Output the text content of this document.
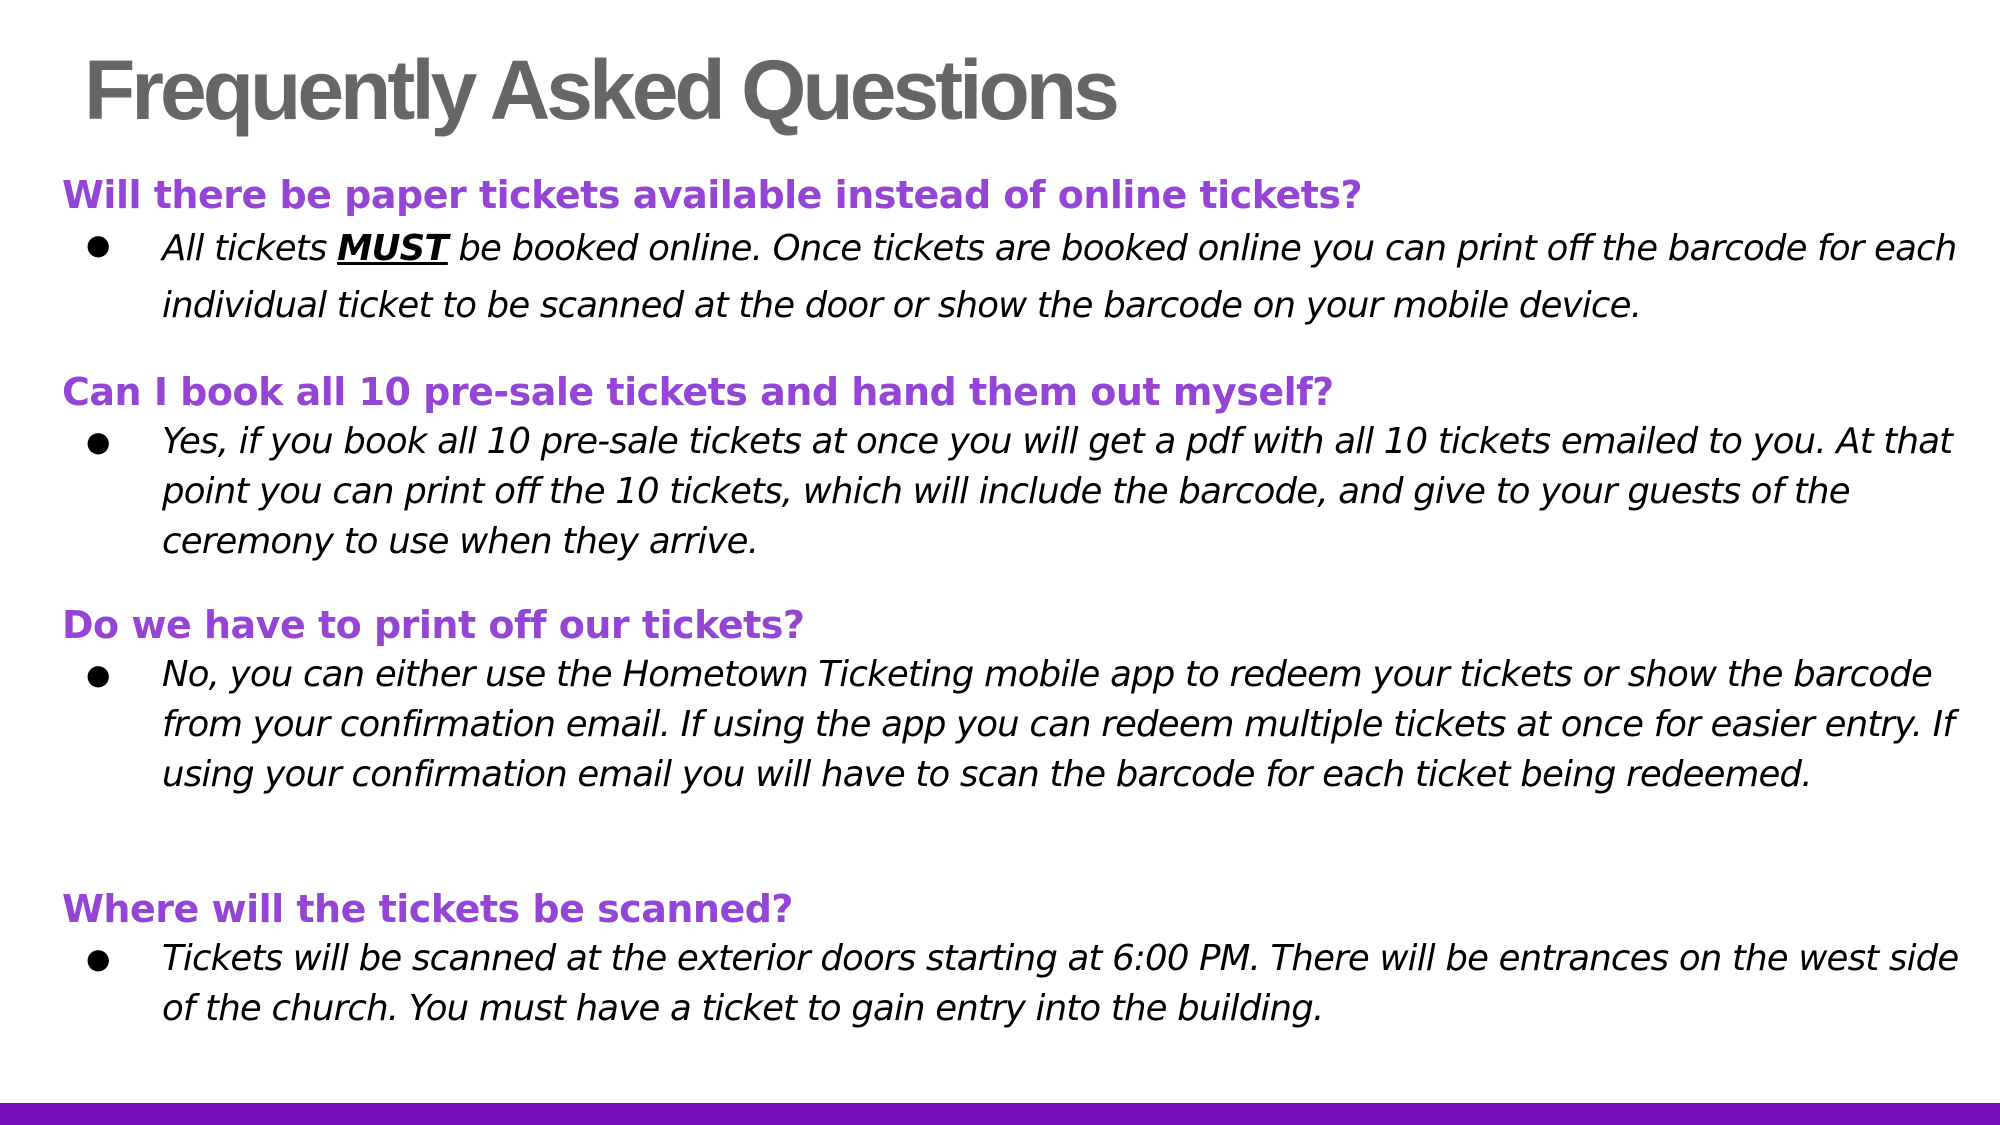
Frequently Asked Questions

Will there be paper tickets available instead of online tickets?

● All tickets MUST be booked online. Once tickets are booked online you can print off the barcode for each individual ticket to be scanned at the door or show the barcode on your mobile device.

Can I book all 10 pre-sale tickets and hand them out myself?

● Yes, if you book all 10 pre-sale tickets at once you will get a pdf with all 10 tickets emailed to you. At that point you can print off the 10 tickets, which will include the barcode, and give to your guests of the ceremony to use when they arrive.

Do we have to print off our tickets?

● No, you can either use the Hometown Ticketing mobile app to redeem your tickets or show the barcode from your confirmation email. If using the app you can redeem multiple tickets at once for easier entry. If using your confirmation email you will have to scan the barcode for each ticket being redeemed.

Where will the tickets be scanned?

● Tickets will be scanned at the exterior doors starting at 6:00 PM. There will be entrances on the west side of the church. You must have a ticket to gain entry into the building.
